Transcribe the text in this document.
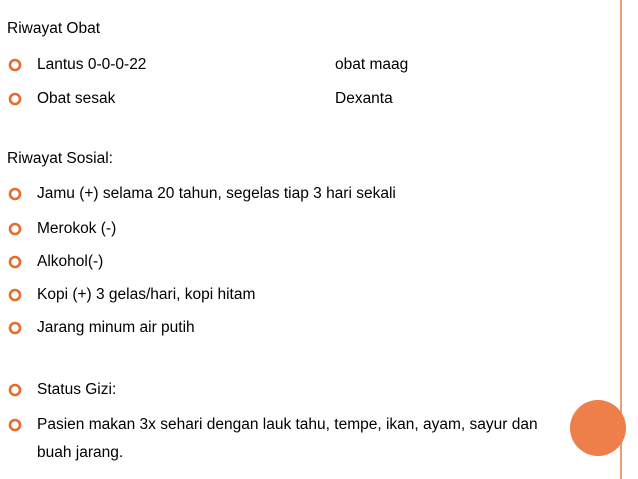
Riwayat Obat
Lantus 0-0-0-22	obat maag
Obat sesak	Dexanta
Riwayat Sosial:
Jamu (+) selama 20 tahun, segelas tiap 3 hari sekali
Merokok (-)
Alkohol(-)
Kopi (+) 3 gelas/hari, kopi hitam
Jarang minum air putih
Status Gizi:
Pasien makan 3x sehari dengan lauk tahu, tempe, ikan, ayam, sayur dan
buah jarang.
